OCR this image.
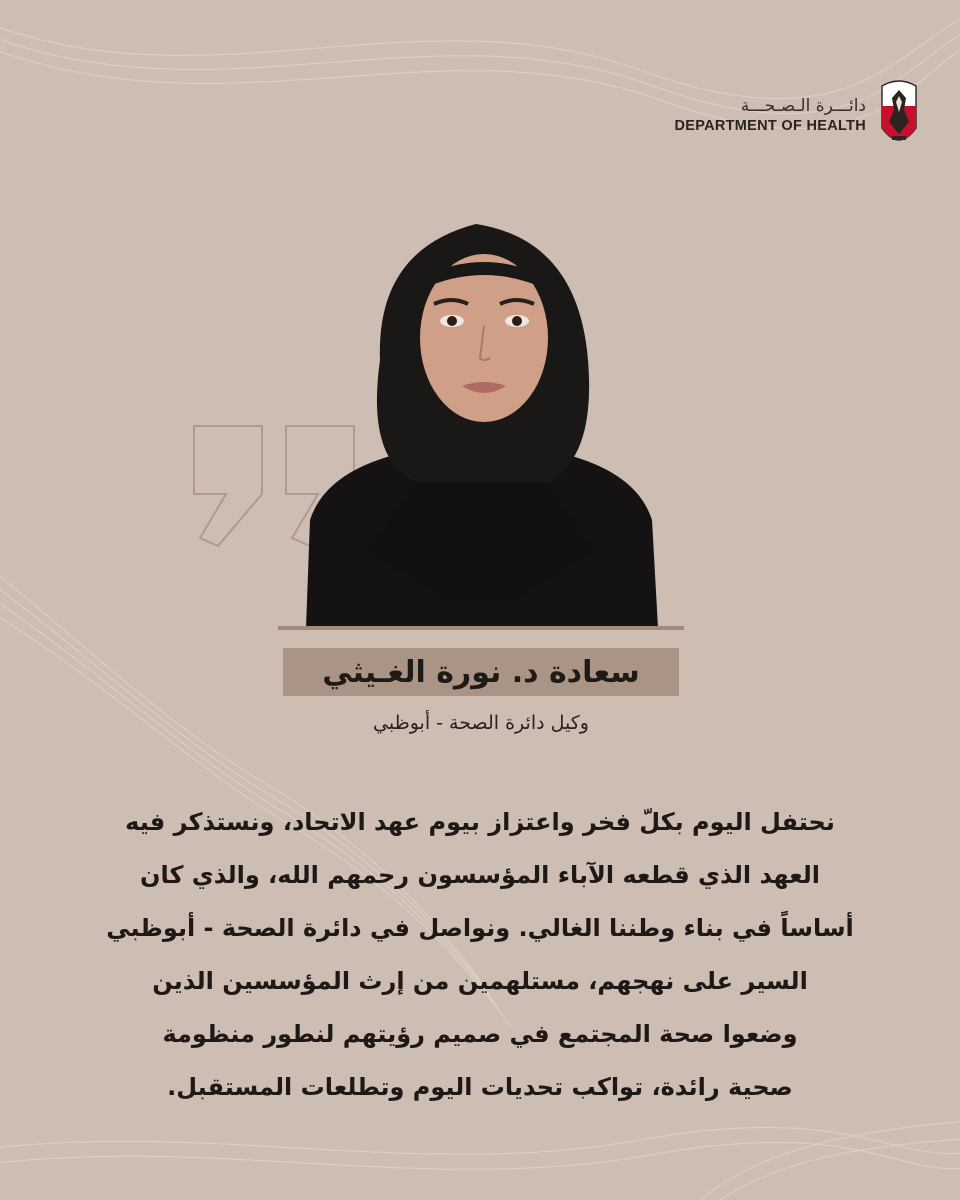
دائـــرة الـصـحـــة
DEPARTMENT OF HEALTH
سعادة د. نورة الغـيثي
وكيل دائرة الصحة - أبوظبي
نحتفل اليوم بكلّ فخر واعتزاز بيوم عهد الاتحاد، ونستذكر فيه
العهد الذي قطعه الآباء المؤسسون رحمهم الله، والذي كان
أساساً في بناء وطننا الغالي. ونواصل في دائرة الصحة - أبوظبي
السير على نهجهم، مستلهمين من إرث المؤسسين الذين
وضعوا صحة المجتمع في صميم رؤيتهم لنطور منظومة
صحية رائدة، تواكب تحديات اليوم وتطلعات المستقبل.
